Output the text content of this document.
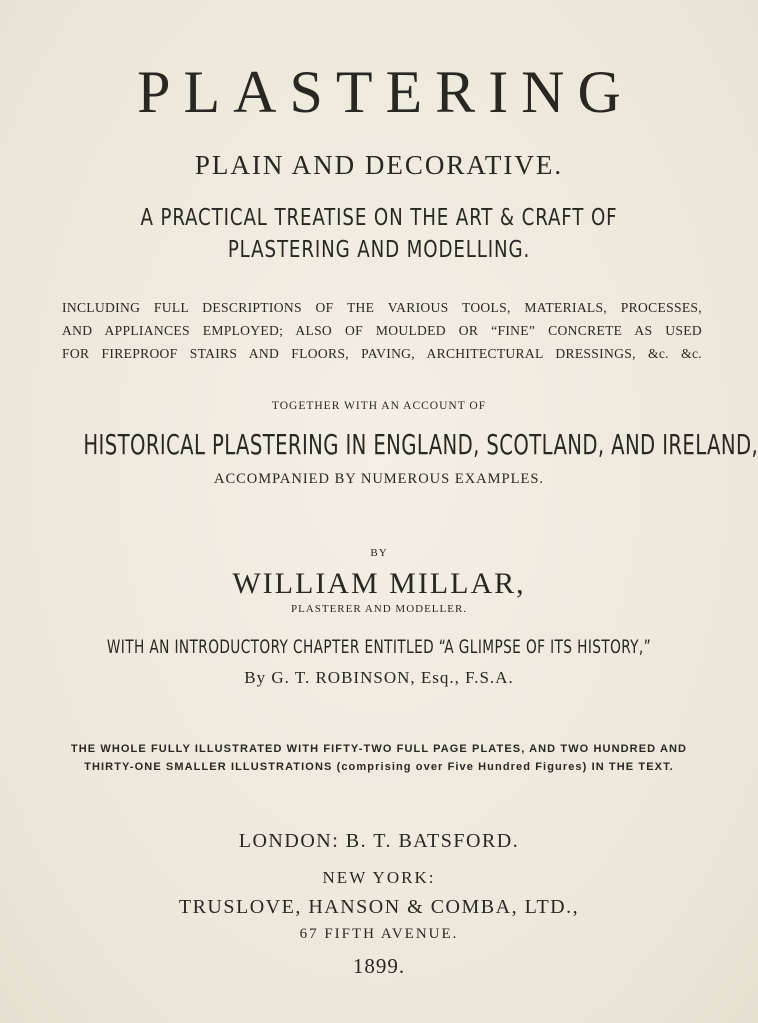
PLASTERING
PLAIN AND DECORATIVE.
A PRACTICAL TREATISE ON THE ART & CRAFT OF
PLASTERING AND MODELLING.
INCLUDING FULL DESCRIPTIONS OF THE VARIOUS TOOLS, MATERIALS, PROCESSES,
AND APPLIANCES EMPLOYED; ALSO OF MOULDED OR “FINE” CONCRETE AS USED
FOR FIREPROOF STAIRS AND FLOORS, PAVING, ARCHITECTURAL DRESSINGS, &c. &c.
TOGETHER WITH AN ACCOUNT OF
HISTORICAL PLASTERING IN ENGLAND, SCOTLAND, AND IRELAND,
ACCOMPANIED BY NUMEROUS EXAMPLES.
BY
WILLIAM MILLAR,
PLASTERER AND MODELLER.
WITH AN INTRODUCTORY CHAPTER ENTITLED “A GLIMPSE OF ITS HISTORY,”
By G. T. ROBINSON, Esq., F.S.A.
THE WHOLE FULLY ILLUSTRATED WITH FIFTY-TWO FULL PAGE PLATES, AND TWO HUNDRED AND
THIRTY-ONE SMALLER ILLUSTRATIONS (comprising over Five Hundred Figures) IN THE TEXT.
LONDON: B. T. BATSFORD.
NEW YORK:
TRUSLOVE, HANSON & COMBA, LTD.,
67 FIFTH AVENUE.
1899.
